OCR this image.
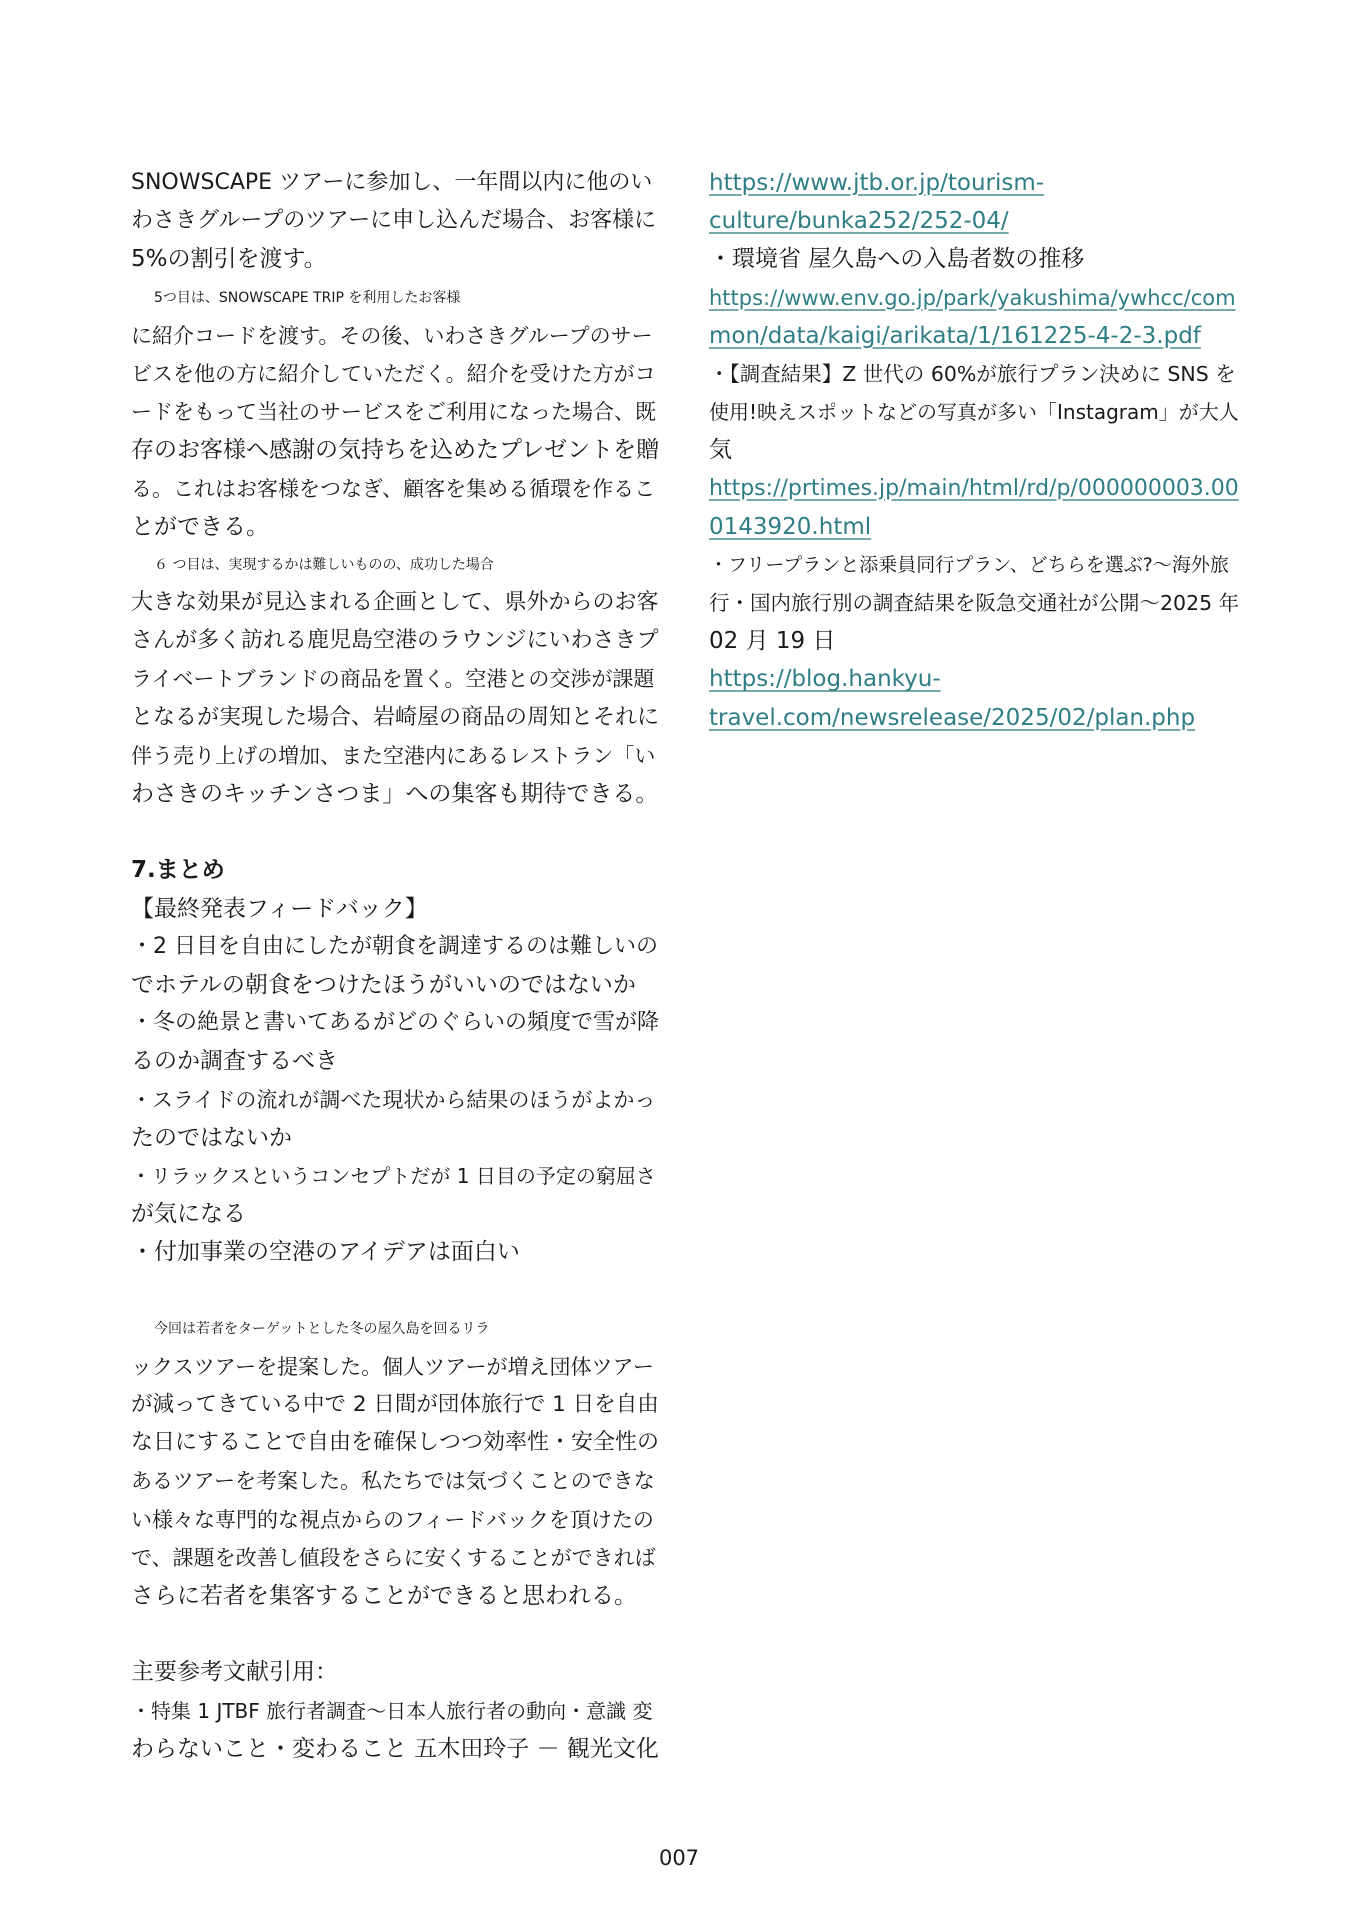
SNOWSCAPE ツアーに参加し、一年間以内に他のい
わさきグループのツアーに申し込んだ場合、お客様に
5%の割引を渡す。
5つ目は、SNOWSCAPE TRIP を利用したお客様
に紹介コードを渡す。その後、いわさきグループのサー
ビスを他の方に紹介していただく。紹介を受けた方がコ
ードをもって当社のサービスをご利用になった場合、既
存のお客様へ感謝の気持ちを込めたプレゼントを贈
る。これはお客様をつなぎ、顧客を集める循環を作るこ
とができる。
６ つ目は、実現するかは難しいものの、成功した場合
大きな効果が見込まれる企画として、県外からのお客
さんが多く訪れる鹿児島空港のラウンジにいわさきプ
ライベートブランドの商品を置く。空港との交渉が課題
となるが実現した場合、岩崎屋の商品の周知とそれに
伴う売り上げの増加、また空港内にあるレストラン「い
わさきのキッチンさつま」への集客も期待できる。
7.まとめ
【最終発表フィードバック】
・2 日目を自由にしたが朝食を調達するのは難しいの
でホテルの朝食をつけたほうがいいのではないか
・冬の絶景と書いてあるがどのぐらいの頻度で雪が降
るのか調査するべき
・スライドの流れが調べた現状から結果のほうがよかっ
たのではないか
・リラックスというコンセプトだが 1 日目の予定の窮屈さ
が気になる
・付加事業の空港のアイデアは面白い
今回は若者をターゲットとした冬の屋久島を回るリラ
ックスツアーを提案した。個人ツアーが増え団体ツアー
が減ってきている中で 2 日間が団体旅行で 1 日を自由
な日にすることで自由を確保しつつ効率性・安全性の
あるツアーを考案した。私たちでは気づくことのできな
い様々な専門的な視点からのフィードバックを頂けたの
で、課題を改善し値段をさらに安くすることができれば
さらに若者を集客することができると思われる。
主要参考文献引用：
・特集 1 JTBF 旅行者調査～日本人旅行者の動向・意識 変
わらないこと・変わること 五木田玲子 － 観光文化
https://www.jtb.or.jp/tourism-
culture/bunka252/252-04/
・環境省 屋久島への入島者数の推移
https://www.env.go.jp/park/yakushima/ywhcc/com
mon/data/kaigi/arikata/1/161225-4-2-3.pdf
・【調査結果】Z 世代の 60%が旅行プラン決めに SNS を
使用!映えスポットなどの写真が多い「Instagram」が大人
気
https://prtimes.jp/main/html/rd/p/000000003.00
0143920.html
・フリープランと添乗員同行プラン、どちらを選ぶ?～海外旅
行・国内旅行別の調査結果を阪急交通社が公開～2025 年
02 月 19 日
https://blog.hankyu-
travel.com/newsrelease/2025/02/plan.php
007
